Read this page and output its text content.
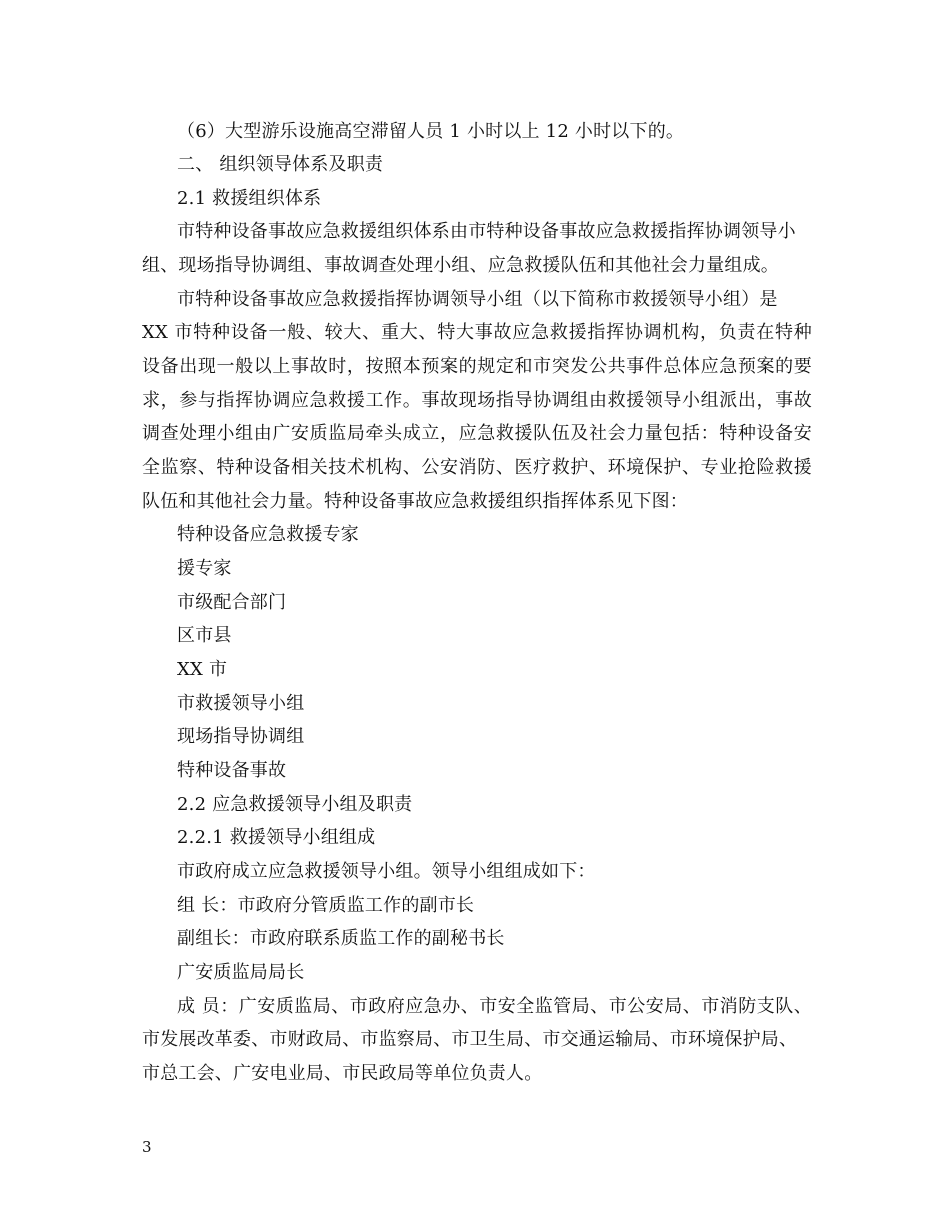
（6）大型游乐设施高空滞留人员 1 小时以上 12 小时以下的。
二、 组织领导体系及职责
2.1 救援组织体系
市特种设备事故应急救援组织体系由市特种设备事故应急救援指挥协调领导小
组、现场指导协调组、事故调查处理小组、应急救援队伍和其他社会力量组成。
市特种设备事故应急救援指挥协调领导小组（以下简称市救援领导小组）是
XX 市特种设备一般、较大、重大、特大事故应急救援指挥协调机构，负责在特种
设备出现一般以上事故时，按照本预案的规定和市突发公共事件总体应急预案的要
求，参与指挥协调应急救援工作。事故现场指导协调组由救援领导小组派出，事故
调查处理小组由广安质监局牵头成立，应急救援队伍及社会力量包括：特种设备安
全监察、特种设备相关技术机构、公安消防、医疗救护、环境保护、专业抢险救援
队伍和其他社会力量。特种设备事故应急救援组织指挥体系见下图：
特种设备应急救援专家
援专家
市级配合部门
区市县
XX 市
市救援领导小组
现场指导协调组
特种设备事故
2.2 应急救援领导小组及职责
2.2.1 救援领导小组组成
市政府成立应急救援领导小组。领导小组组成如下：
组 长：市政府分管质监工作的副市长
副组长：市政府联系质监工作的副秘书长
广安质监局局长
成 员：广安质监局、市政府应急办、市安全监管局、市公安局、市消防支队、
市发展改革委、市财政局、市监察局、市卫生局、市交通运输局、市环境保护局、
市总工会、广安电业局、市民政局等单位负责人。
3
